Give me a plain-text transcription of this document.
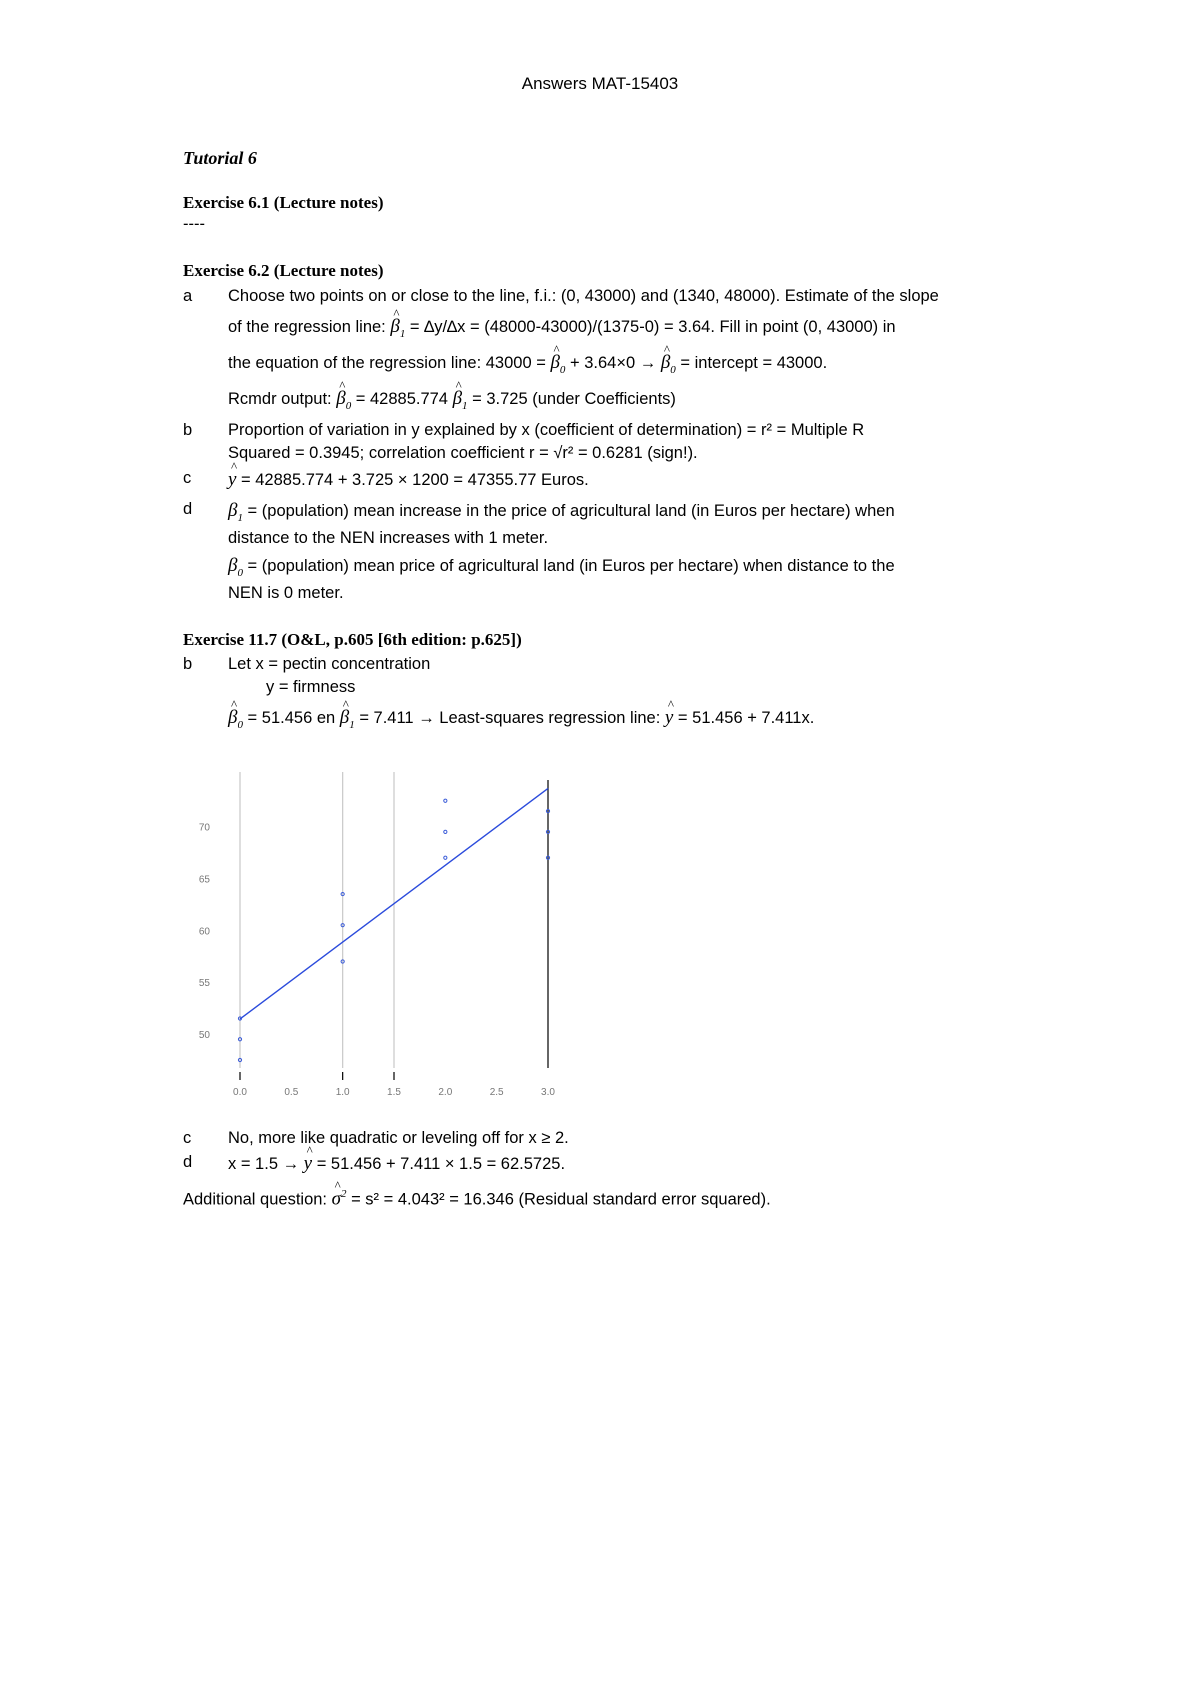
Answers MAT-15403
Tutorial 6
Exercise 6.1 (Lecture notes)
----
Exercise 6.2 (Lecture notes)
a Choose two points on or close to the line, f.i.: (0, 43000) and (1340, 48000). Estimate of the slope
of the regression line: ^ $\beta_1 = \Delta y/\Delta x = (48000-43000)/(1375-0) = 3.64$. Fill in point (0, 43000) in
the equation of the regression line: 43000 = ^ $\beta_0 + 3.64\times 0$ → ^ $\beta_0$ = intercept = 43000.
Rcmdr output: ^ $\beta_0 = 42885.774$ ^ $\beta_1 = 3.725$ (under Coefficients)
b Proportion of variation in y explained by x (coefficient of determination) = r² = Multiple R
Squared = 0.3945; correlation coefficient r = √r² = 0.6281 (sign!).
c
^ y = 42885.774 + 3.725 × 1200 = 47355.77 Euros.
d $\beta_1$ = (population) mean increase in the price of agricultural land (in Euros per hectare) when
distance to the NEN increases with 1 meter.
$\beta_0$ = (population) mean price of agricultural land (in Euros per hectare) when distance to the
NEN is 0 meter.
Exercise 11.7 (O&L, p.605 [6th edition: p.625])
b Let x = pectin concentration
y = firmness
^ $\beta_0 = 51.456$ en ^ $\beta_1 = 7.411$ → Least-squares regression line: ^ y = 51.456 + 7.411x.
50
55
60
65
70
0.0	0.5	1.0	1.5	2.0	2.5	3.0
c No, more like quadratic or leveling off for x ≥ 2.
d x = 1.5 → ^ y = 51.456 + 7.411 × 1.5 = 62.5725.
Additional question: ^ $\sigma^2 = s^2 = 4.043^2 = 16.346$ (Residual standard error squared).
